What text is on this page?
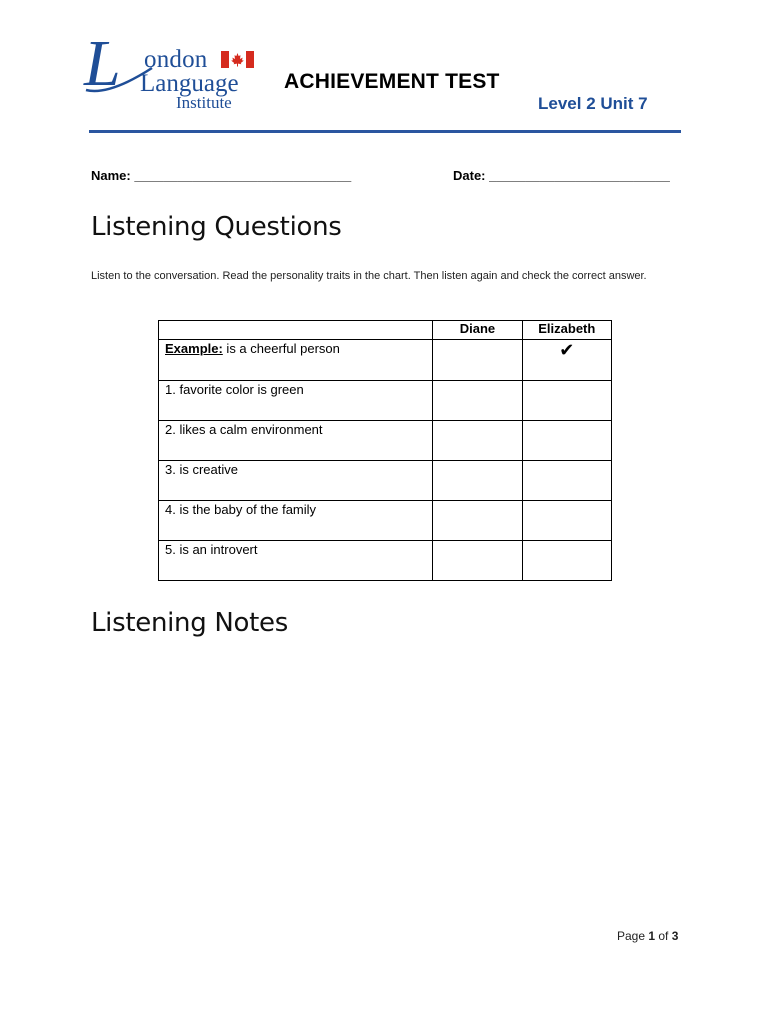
L ondon
Language
Institute
ACHIEVEMENT TEST
Level 2 Unit 7
Name: ______________________________	Date: _________________________
Listening Questions
Listen to the conversation. Read the personality traits in the chart. Then listen again and check the correct answer.
	Diane	Elizabeth
Example: is a cheerful person		✔
1. favorite color is green		
2. likes a calm environment		
3. is creative		
4. is the baby of the family		
5. is an introvert		
Listening Notes
Page 1 of 3
